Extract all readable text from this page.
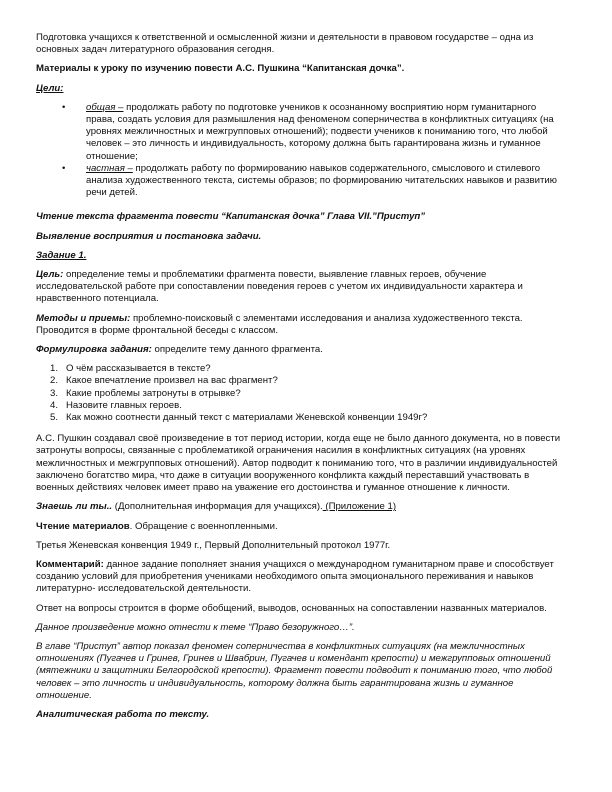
Подготовка учащихся к ответственной и осмысленной жизни и деятельности в правовом государстве – одна из основных задач литературного образования сегодня.

Материалы к уроку по изучению повести А.С. Пушкина “Капитанская дочка”.

Цели:

• общая – продолжать работу по подготовке учеников к осознанному восприятию норм гуманитарного права, создать условия для размышления над феноменом соперничества в конфликтных ситуациях (на уровнях межличностных и межгрупповых отношений); подвести учеников к пониманию того, что любой человек – это личность и индивидуальность, которому должна быть гарантирована жизнь и гуманное отношение;
• частная – продолжать работу по формированию навыков содержательного, смыслового и стилевого анализа художественного текста, системы образов; по формированию читательских навыков и развитию речи детей.

Чтение текста фрагмента повести “Капитанская дочка” Глава VII.”Приступ”

Выявление восприятия и постановка задачи.

Задание 1.

Цель: определение темы и проблематики фрагмента повести, выявление главных героев, обучение исследовательской работе при сопоставлении поведения героев с учетом их индивидуальности характера и нравственного потенциала.

Методы и приемы: проблемно-поисковый с элементами исследования и анализа художественного текста. Проводится в форме фронтальной беседы с классом.

Формулировка задания: определите тему данного фрагмента.

1. О чём рассказывается в тексте?
2. Какое впечатление произвел на вас фрагмент?
3. Какие проблемы затронуты в отрывке?
4. Назовите главных героев.
5. Как можно соотнести данный текст с материалами Женевской конвенции 1949г?

А.С. Пушкин создавал своё произведение в тот период истории, когда еще не было данного документа, но в повести затронуты вопросы, связанные с проблематикой ограничения насилия в конфликтных ситуациях (на уровнях межличностных и межгрупповых отношений). Автор подводит к пониманию того, что в различии индивидуальностей заключено богатство мира, что даже в ситуации вооруженного конфликта каждый переставший участвовать в военных действиях человек имеет право на уважение его достоинства и гуманное отношение к личности.

Знаешь ли ты.. (Дополнительная информация для учащихся). (Приложение 1)

Чтение материалов. Обращение с военнопленными.

Третья Женевская конвенция 1949 г., Первый Дополнительный протокол 1977г.

Комментарий: данное задание пополняет знания учащихся о международном гуманитарном праве и способствует созданию условий для приобретения учениками необходимого опыта эмоционального переживания и навыков литературно- исследовательской деятельности.

Ответ на вопросы строится в форме обобщений, выводов, основанных на сопоставлении названных материалов.

Данное произведение можно отнести к теме “Право безоружного…”.

В главе “Приступ” автор показал феномен соперничества в конфликтных ситуациях (на межличностных отношениях (Пугачев и Гринев, Гринев и Швабрин, Пугачев и комендант крепости) и межгрупповых отношений (мятежники и защитники Белгородской крепости). Фрагмент повести подводит к пониманию того, что любой человек – это личность и индивидуальность, которому должна быть гарантирована жизнь и гуманное отношение.

Аналитическая работа по тексту.
